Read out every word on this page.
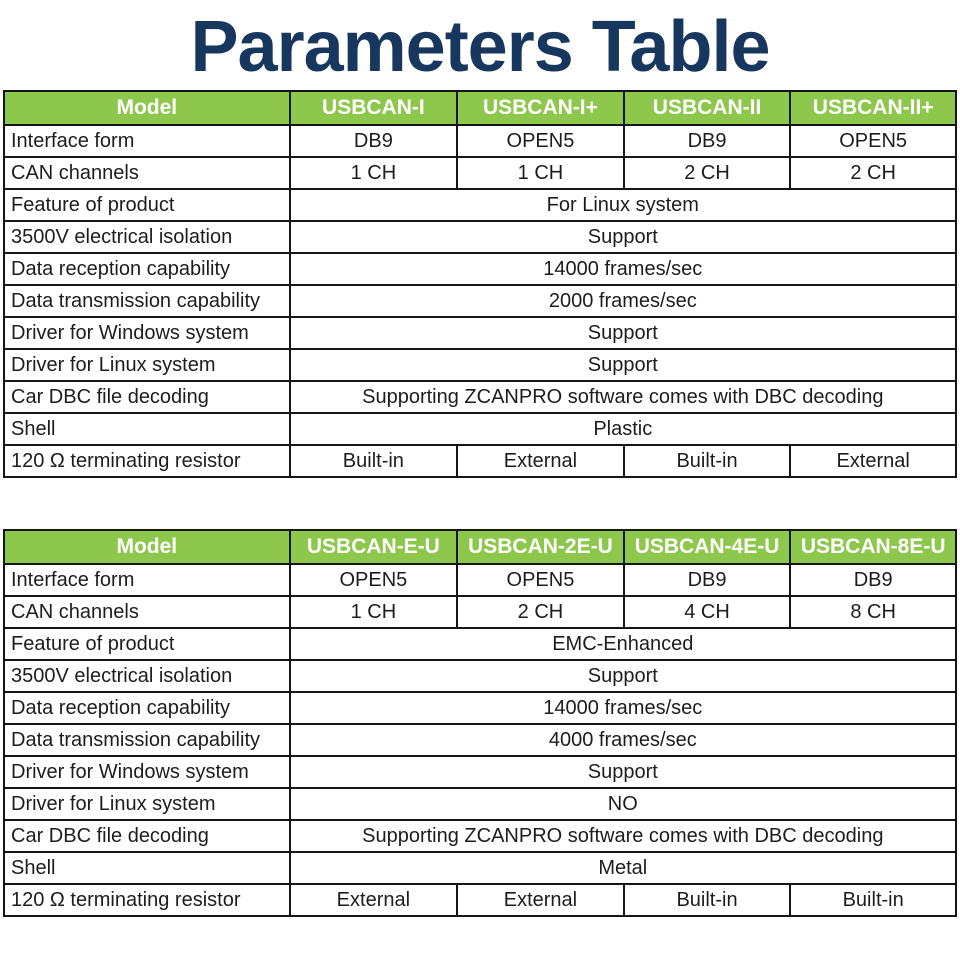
Parameters Table
Model	USBCAN-I	USBCAN-I+	USBCAN-II	USBCAN-II+
Interface form	DB9	OPEN5	DB9	OPEN5
CAN channels	1 CH	1 CH	2 CH	2 CH
Feature of product	For Linux system			
3500V electrical isolation	Support			
Data reception capability	14000 frames/sec			
Data transmission capability	2000 frames/sec			
Driver for Windows system	Support			
Driver for Linux system	Support			
Car DBC file decoding	Supporting ZCANPRO software comes with DBC decoding			
Shell	Plastic			
120 Ω terminating resistor	Built-in	External	Built-in	External
Model	USBCAN-E-U	USBCAN-2E-U	USBCAN-4E-U	USBCAN-8E-U
Interface form	OPEN5	OPEN5	DB9	DB9
CAN channels	1 CH	2 CH	4 CH	8 CH
Feature of product	EMC-Enhanced			
3500V electrical isolation	Support			
Data reception capability	14000 frames/sec			
Data transmission capability	4000 frames/sec			
Driver for Windows system	Support			
Driver for Linux system	NO			
Car DBC file decoding	Supporting ZCANPRO software comes with DBC decoding			
Shell	Metal			
120 Ω terminating resistor	External	External	Built-in	Built-in
